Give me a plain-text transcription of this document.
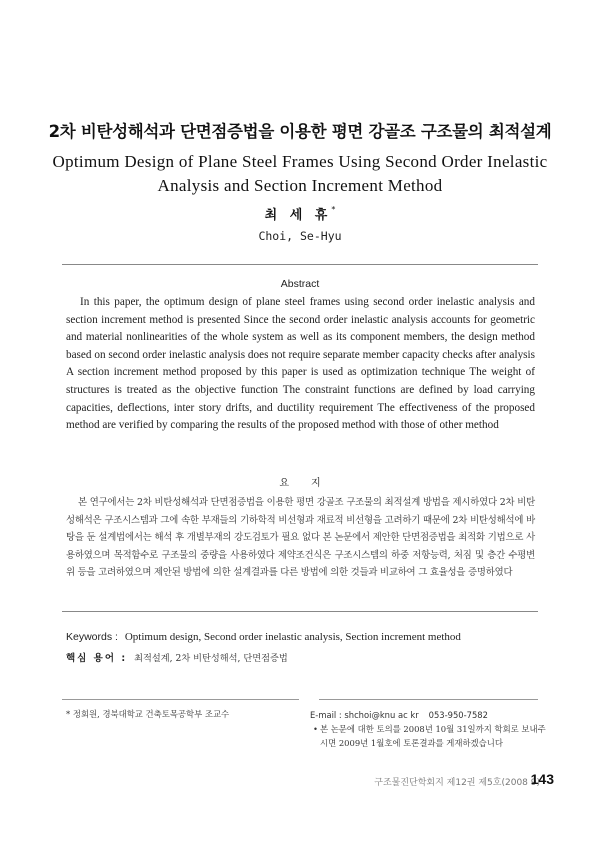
2차 비탄성해석과 단면점증법을 이용한 평면 강골조 구조물의 최적설계
Optimum Design of Plane Steel Frames Using Second Order Inelastic
Analysis and Section Increment Method
최 세 휴*
Choi, Se-Hyu
Abstract
In this paper, the optimum design of plane steel frames using second order inelastic analysis and section increment method is presented Since the second order inelastic analysis accounts for geometric and material nonlinearities of the whole system as well as its component members, the design method based on second order inelastic analysis does not require separate member capacity checks after analysis A section increment method proposed by this paper is used as optimization technique The weight of structures is treated as the objective function The constraint functions are defined by load carrying capacities, deflections, inter story drifts, and ductility requirement The effectiveness of the proposed method are verified by comparing the results of the proposed method with those of other method
요지
본 연구에서는 2차 비탄성해석과 단면점증법을 이용한 평면 강골조 구조물의 최적설계 방법을 제시하였다 2차 비탄성해석은 구조시스템과 그에 속한 부재들의 기하학적 비선형과 재료적 비선형을 고려하기 때문에 2차 비탄성해석에 바탕을 둔 설계법에서는 해석 후 개별부재의 강도검토가 필요 없다 본 논문에서 제안한 단면점증법을 최적화 기법으로 사용하였으며 목적함수로 구조물의 중량을 사용하였다 제약조건식은 구조시스템의 하중 저항능력, 처짐 및 층간 수평변위 등을 고려하였으며 제안된 방법에 의한 설계결과를 다른 방법에 의한 것들과 비교하여 그 효율성을 증명하였다
Keywords : Optimum design, Second order inelastic analysis, Section increment method
핵심 용어 : 최적설계, 2차 비탄성해석, 단면점증법
* 정회원, 경북대학교 건축토목공학부 조교수	E-mail : shchoi@knu ac kr 053-950-7582
• 본 논문에 대한 토의를 2008년 10월 31일까지 학회로 보내주시면 2009년 1월호에 토론결과를 게재하겠습니다
구조물진단학회지 제12권 제5호(2008 9)
143
